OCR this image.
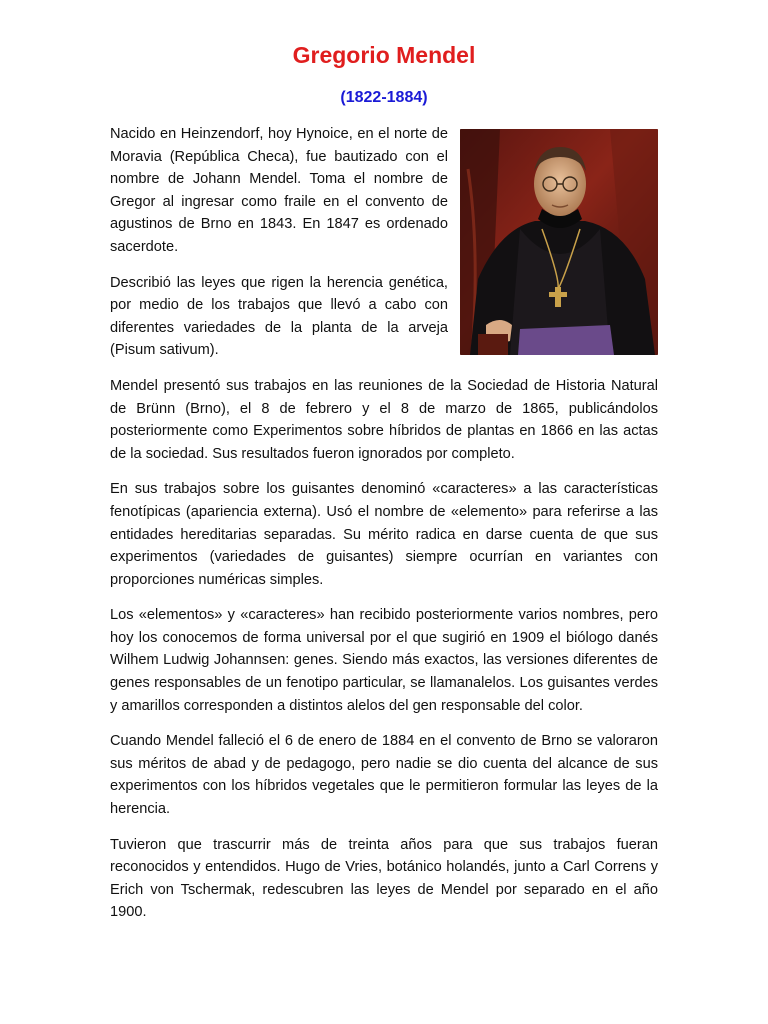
Gregorio Mendel
(1822-1884)

Nacido en Heinzendorf, hoy Hynoice, en el norte de Moravia (República Checa), fue bautizado con el nombre de Johann Mendel. Toma el nombre de Gregor al ingresar como fraile en el convento de agustinos de Brno en 1843. En 1847 es ordenado sacerdote.

Describió las leyes que rigen la herencia genética, por medio de los trabajos que llevó a cabo con diferentes variedades de la planta de la arveja (Pisum sativum).

Mendel presentó sus trabajos en las reuniones de la Sociedad de Historia Natural de Brünn (Brno), el 8 de febrero y el 8 de marzo de 1865, publicándolos posteriormente como Experimentos sobre híbridos de plantas en 1866 en las actas de la sociedad. Sus resultados fueron ignorados por completo.

En sus trabajos sobre los guisantes denominó «caracteres» a las características fenotípicas (apariencia externa). Usó el nombre de «elemento» para referirse a las entidades hereditarias separadas. Su mérito radica en darse cuenta de que sus experimentos (variedades de guisantes) siempre ocurrían en variantes con proporciones numéricas simples.

Los «elementos» y «caracteres» han recibido posteriormente varios nombres, pero hoy los conocemos de forma universal por el que sugirió en 1909 el biólogo danés Wilhem Ludwig Johannsen: genes. Siendo más exactos, las versiones diferentes de genes responsables de un fenotipo particular, se llamanalelos. Los guisantes verdes y amarillos corresponden a distintos alelos del gen responsable del color.

Cuando Mendel falleció el 6 de enero de 1884 en el convento de Brno se valoraron sus méritos de abad y de pedagogo, pero nadie se dio cuenta del alcance de sus experimentos con los híbridos vegetales que le permitieron formular las leyes de la herencia.

Tuvieron que trascurrir más de treinta años para que sus trabajos fueran reconocidos y entendidos. Hugo de Vries, botánico holandés, junto a Carl Correns y Erich von Tschermak, redescubren las leyes de Mendel por separado en el año 1900.
